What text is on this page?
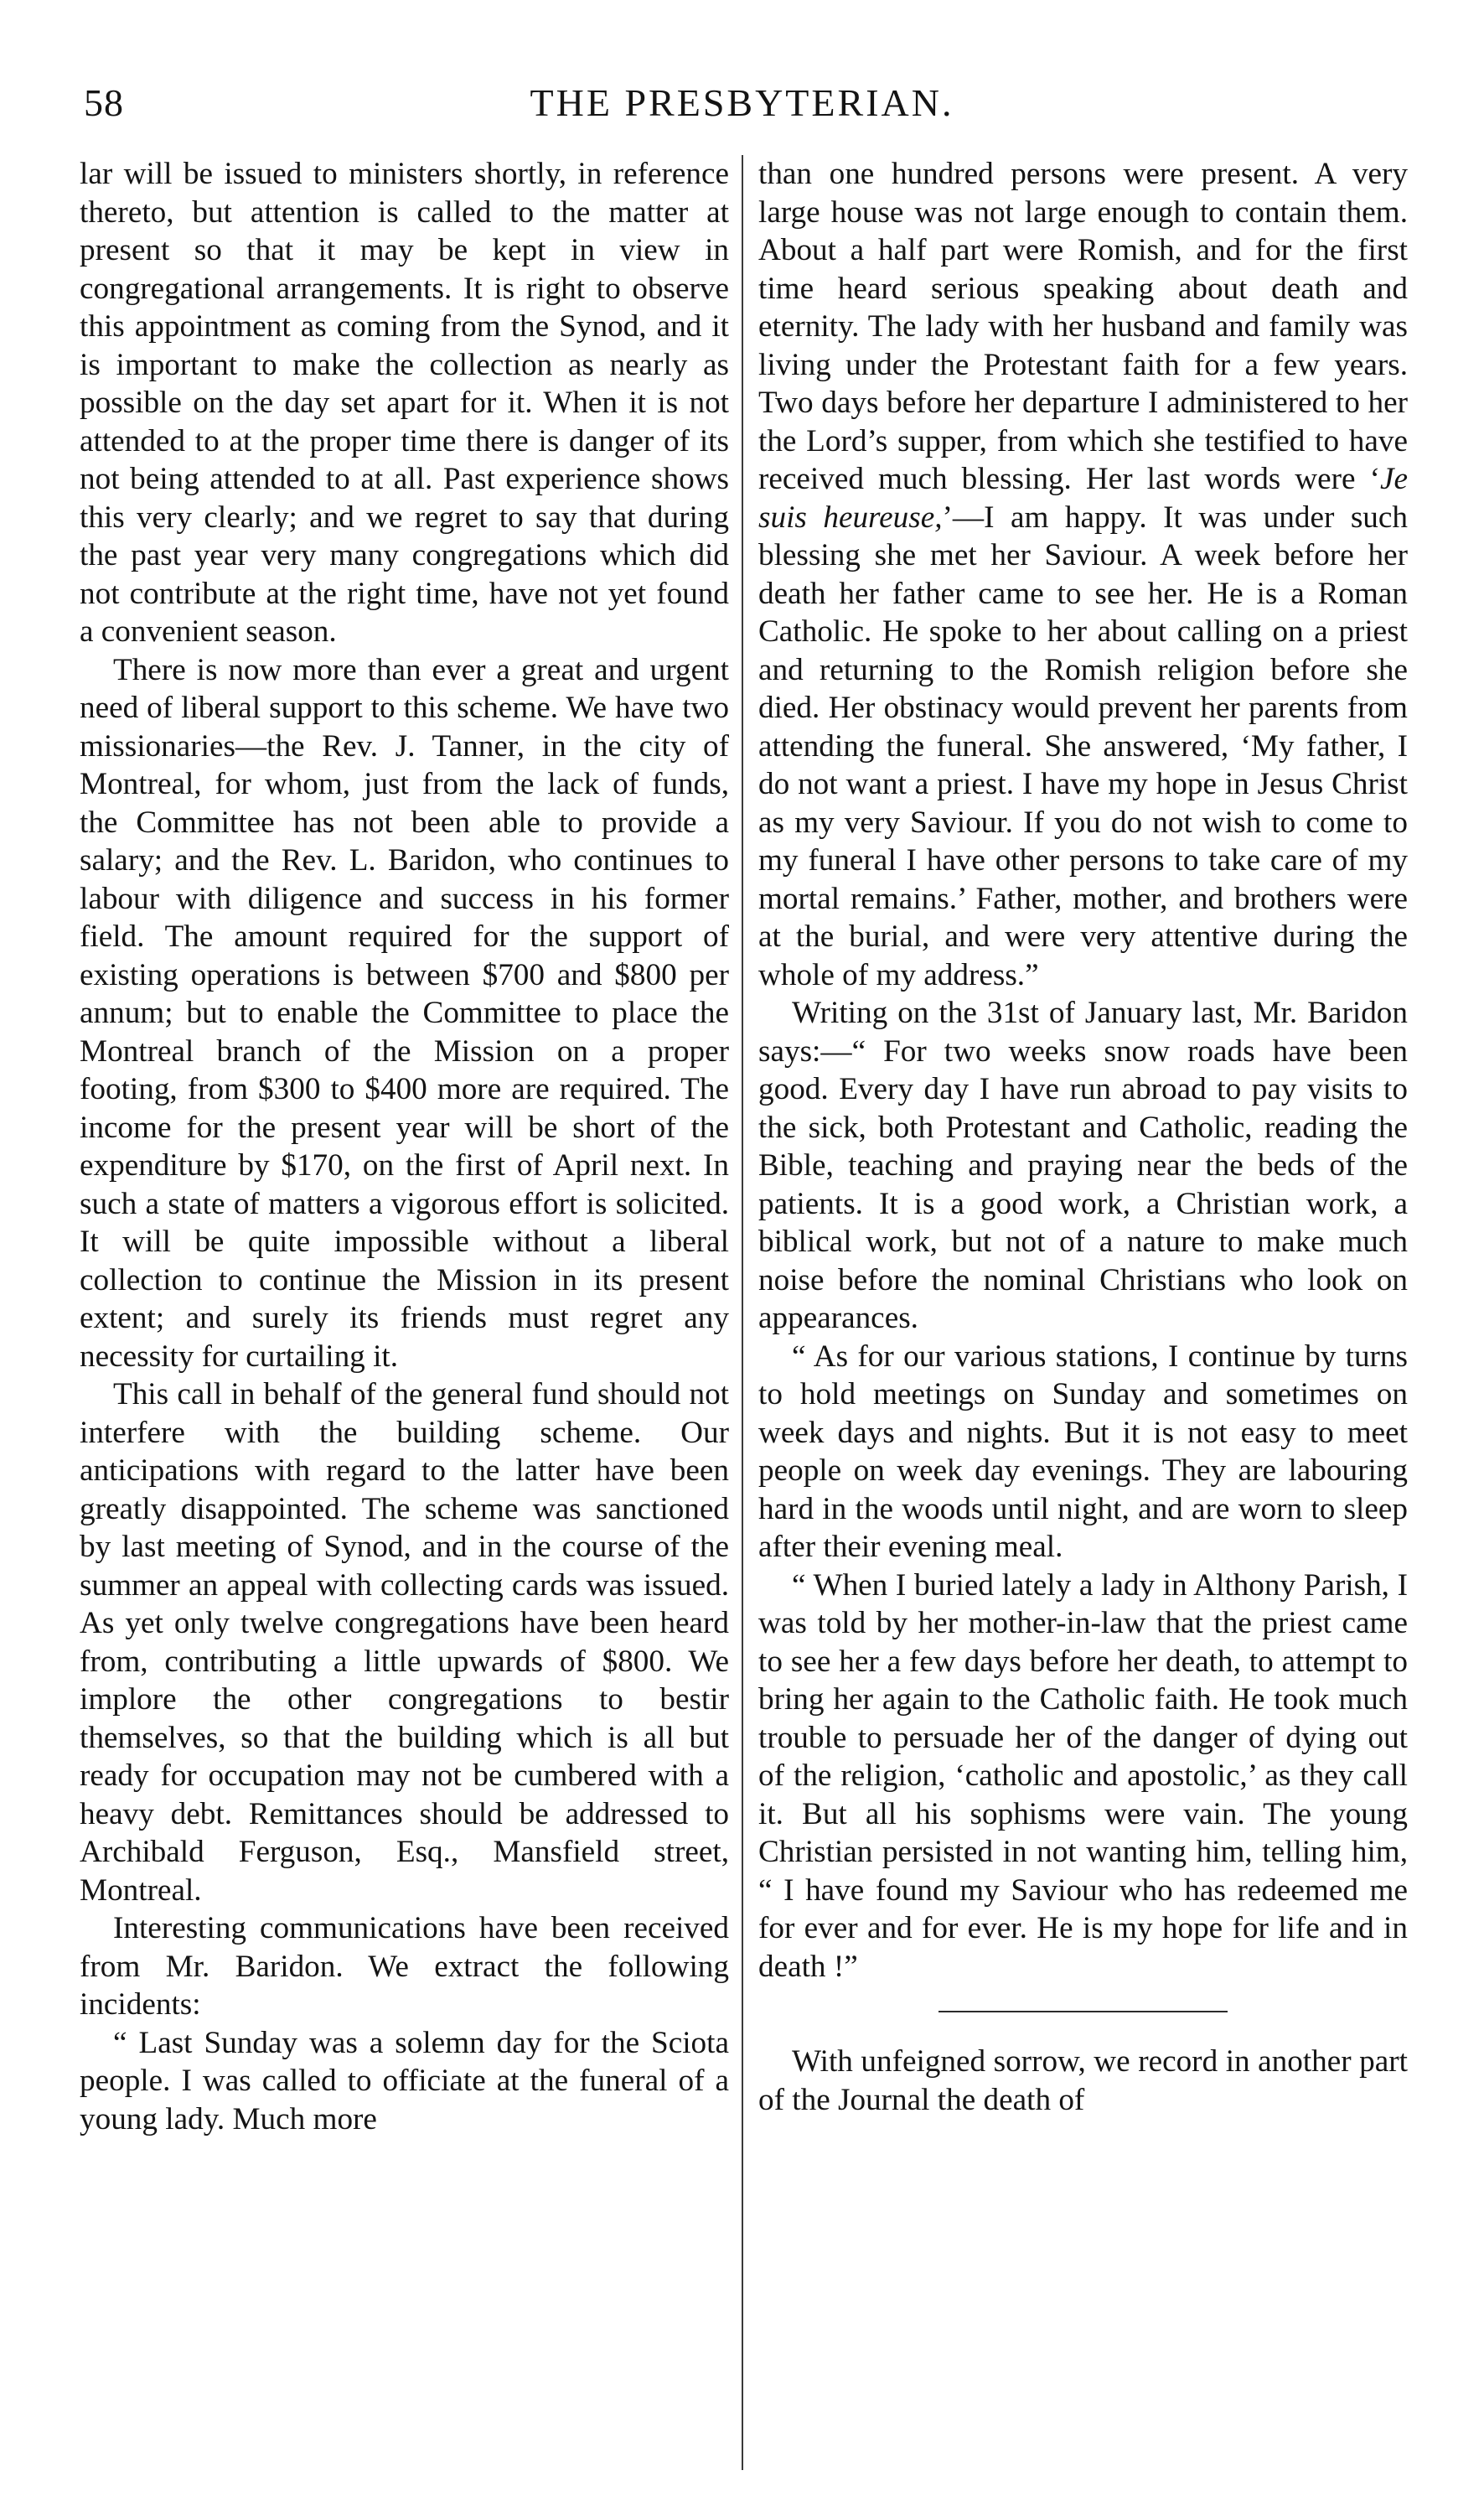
58	THE PRESBYTERIAN.

lar will be issued to ministers shortly, in reference thereto, but attention is called to the matter at present so that it may be kept in view in congregational arrangements. It is right to observe this appointment as coming from the Synod, and it is important to make the collection as nearly as possible on the day set apart for it. When it is not attended to at the proper time there is danger of its not being attended to at all. Past experience shows this very clearly; and we regret to say that during the past year very many congregations which did not contribute at the right time, have not yet found a convenient season.

There is now more than ever a great and urgent need of liberal support to this scheme. We have two missionaries—the Rev. J. Tanner, in the city of Montreal, for whom, just from the lack of funds, the Committee has not been able to provide a salary; and the Rev. L. Baridon, who continues to labour with diligence and success in his former field. The amount required for the support of existing operations is between $700 and $800 per annum; but to enable the Committee to place the Montreal branch of the Mission on a proper footing, from $300 to $400 more are required. The income for the present year will be short of the expenditure by $170, on the first of April next. In such a state of matters a vigorous effort is solicited. It will be quite impossible without a liberal collection to continue the Mission in its present extent; and surely its friends must regret any necessity for curtailing it.

This call in behalf of the general fund should not interfere with the building scheme. Our anticipations with regard to the latter have been greatly disappointed. The scheme was sanctioned by last meeting of Synod, and in the course of the summer an appeal with collecting cards was issued. As yet only twelve congregations have been heard from, contributing a little upwards of $800. We implore the other congregations to bestir themselves, so that the building which is all but ready for occupation may not be cumbered with a heavy debt. Remittances should be addressed to Archibald Ferguson, Esq., Mansfield street, Montreal.

Interesting communications have been received from Mr. Baridon. We extract the following incidents:

“ Last Sunday was a solemn day for the Sciota people. I was called to officiate at the funeral of a young lady. Much more

than one hundred persons were present. A very large house was not large enough to contain them. About a half part were Romish, and for the first time heard serious speaking about death and eternity. The lady with her husband and family was living under the Protestant faith for a few years. Two days before her departure I administered to her the Lord’s supper, from which she testified to have received much blessing. Her last words were ‘Je suis heureuse,’—I am happy. It was under such blessing she met her Saviour. A week before her death her father came to see her. He is a Roman Catholic. He spoke to her about calling on a priest and returning to the Romish religion before she died. Her obstinacy would prevent her parents from attending the funeral. She answered, ‘My father, I do not want a priest. I have my hope in Jesus Christ as my very Saviour. If you do not wish to come to my funeral I have other persons to take care of my mortal remains.’ Father, mother, and brothers were at the burial, and were very attentive during the whole of my address.”

Writing on the 31st of January last, Mr. Baridon says:—“ For two weeks snow roads have been good. Every day I have run abroad to pay visits to the sick, both Protestant and Catholic, reading the Bible, teaching and praying near the beds of the patients. It is a good work, a Christian work, a biblical work, but not of a nature to make much noise before the nominal Christians who look on appearances.

“ As for our various stations, I continue by turns to hold meetings on Sunday and sometimes on week days and nights. But it is not easy to meet people on week day evenings. They are labouring hard in the woods until night, and are worn to sleep after their evening meal.

“ When I buried lately a lady in Althony Parish, I was told by her mother-in-law that the priest came to see her a few days before her death, to attempt to bring her again to the Catholic faith. He took much trouble to persuade her of the danger of dying out of the religion, ‘catholic and apostolic,’ as they call it. But all his sophisms were vain. The young Christian persisted in not wanting him, telling him, “ I have found my Saviour who has redeemed me for ever and for ever. He is my hope for life and in death !”

With unfeigned sorrow, we record in another part of the Journal the death of
